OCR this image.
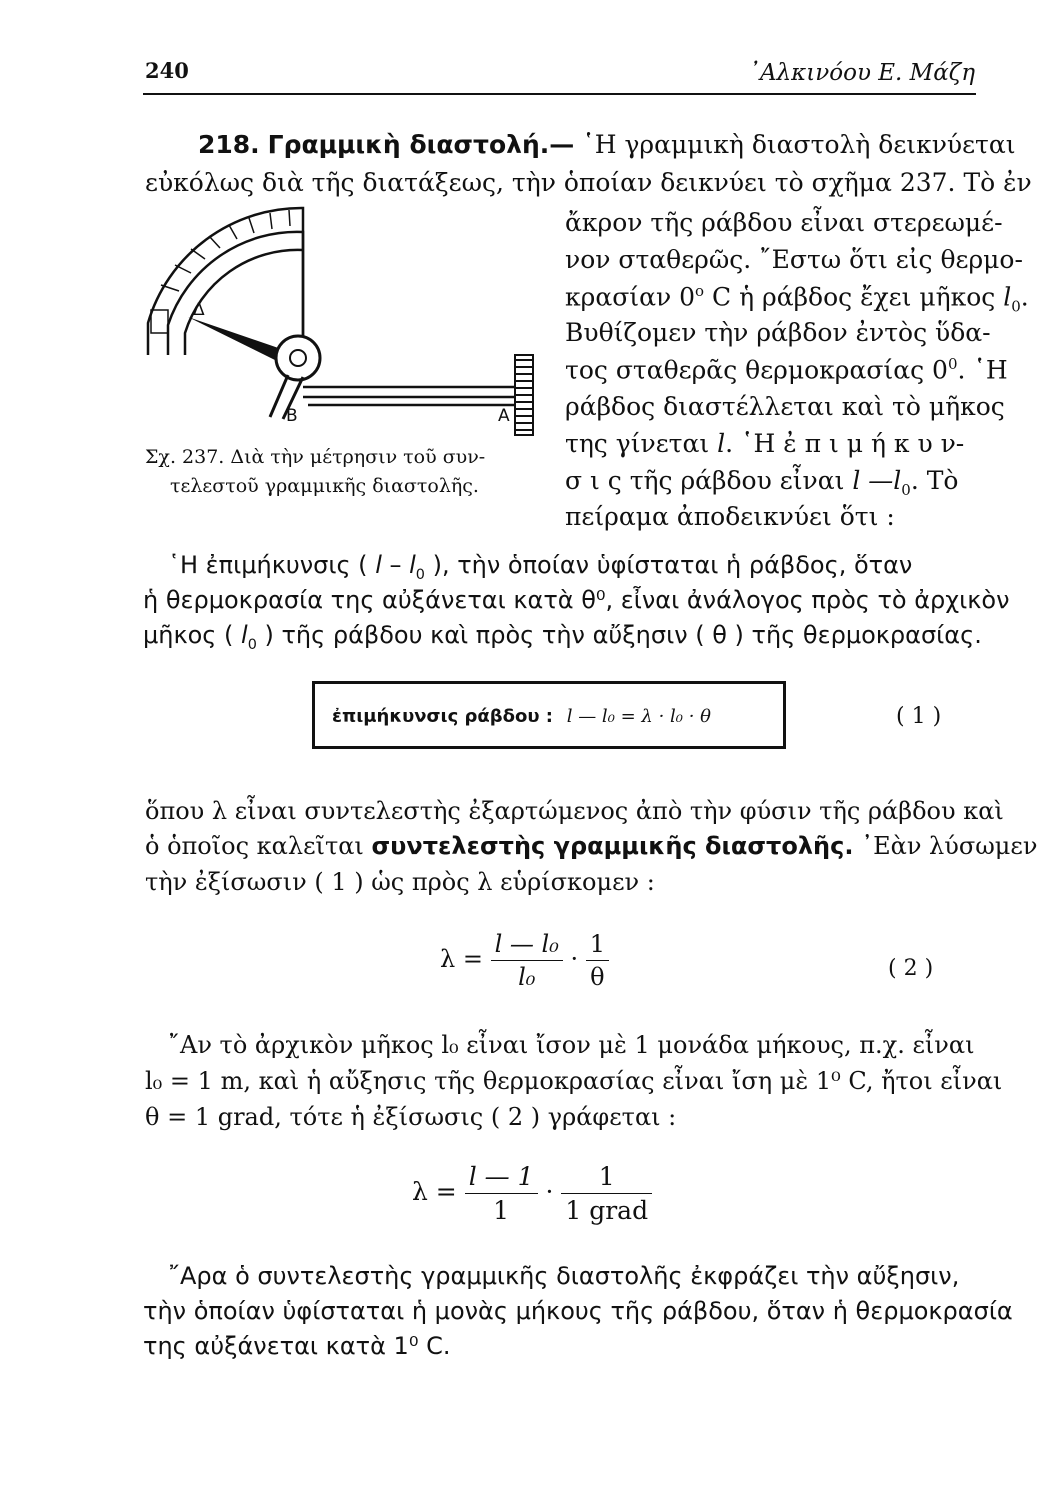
240	᾿Αλκινόου Ε. Μάζη
218. Γραμμικὴ διαστολή.— ῾Η γραμμικὴ διαστολὴ δεικνύεται
εὐκόλως διὰ τῆς διατάξεως, τὴν ὁποίαν δεικνύει τὸ σχῆμα 237. Τὸ ἐν
ἄκρον τῆς ράβδου εἶναι στερεωμέ-
νον σταθερῶς. ῎Εστω ὅτι εἰς θερμο-
κρασίαν 0$^o$ C ἡ ράβδος ἔχει μῆκος $l_0$.
Βυθίζομεν τὴν ράβδον ἐντὸς ὕδα-
τος σταθερᾶς θερμοκρασίας $0^0$. ῾Η
ράβδος διαστέλλεται καὶ τὸ μῆκος
της γίνεται l. ῾Η ἐ π ι μ ή κ υ ν-
σ ι ς τῆς ράβδου εἶναι l $—l_0$. Τὸ
πείραμα ἀποδεικνύει ὅτι :
Δ
B	A
Σχ. 237. Διὰ τὴν μέτρησιν τοῦ συν-
τελεστοῦ γραμμικῆς διαστολῆς.
῾Η ἐπιμήκυνσις ( l – $l_0$ ), τὴν ὁποίαν ὑφίσταται ἡ ράβδος, ὅταν
ἡ θερμοκρασία της αὐξάνεται κατὰ θ⁰, εἶναι ἀνάλογος πρὸς τὸ ἀρχικὸν
μῆκος ( $l_0$ ) τῆς ράβδου καὶ πρὸς τὴν αὔξησιν ( θ ) τῆς θερμοκρασίας.
ἐπιμήκυνσις ράβδου : l — l₀ = λ · l₀ · θ	( 1 )
ὅπου λ εἶναι συντελεστὴς ἐξαρτώμενος ἀπὸ τὴν φύσιν τῆς ράβδου καὶ
ὁ ὁποῖος καλεῖται συντελεστὴς γραμμικῆς διαστολῆς. ᾿Εὰν λύσωμεν
τὴν ἐξίσωσιν ( 1 ) ὡς πρὸς λ εὑρίσκομεν :
$\lambda = \frac{\text{l — l₀}}{\text{l₀}} \cdot \frac{1}{\theta}$	( 2 )
῎Αν τὸ ἀρχικὸν μῆκος l₀ εἶναι ἴσον μὲ 1 μονάδα μήκους, π.χ. εἶναι
l₀ = 1 m, καὶ ἡ αὔξησις τῆς θερμοκρασίας εἶναι ἴση μὲ 1⁰ C, ἤτοι εἶναι
θ = 1 grad, τότε ἡ ἐξίσωσις ( 2 ) γράφεται :
$\lambda = \frac{l — 1}{1} \cdot \frac{1}{\text{1 grad}}$
῎Αρα ὁ συντελεστὴς γραμμικῆς διαστολῆς ἐκφράζει τὴν αὔξησιν,
τὴν ὁποίαν ὑφίσταται ἡ μονὰς μήκους τῆς ράβδου, ὅταν ἡ θερμοκρασία
της αὐξάνεται κατὰ 1⁰ C.
